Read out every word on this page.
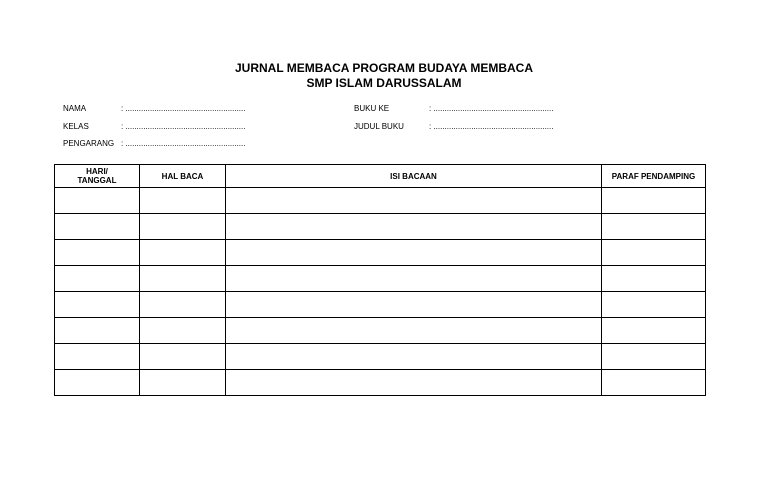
JURNAL MEMBACA PROGRAM BUDAYA MEMBACA
SMP ISLAM DARUSSALAM
NAMA	: ......................................................
KELAS	: ......................................................
PENGARANG : ......................................................
BUKU KE	: ......................................................
JUDUL BUKU	: ......................................................
HARI/
TANGGAL	HAL BACA	ISI BACAAN	PARAF PENDAMPING
